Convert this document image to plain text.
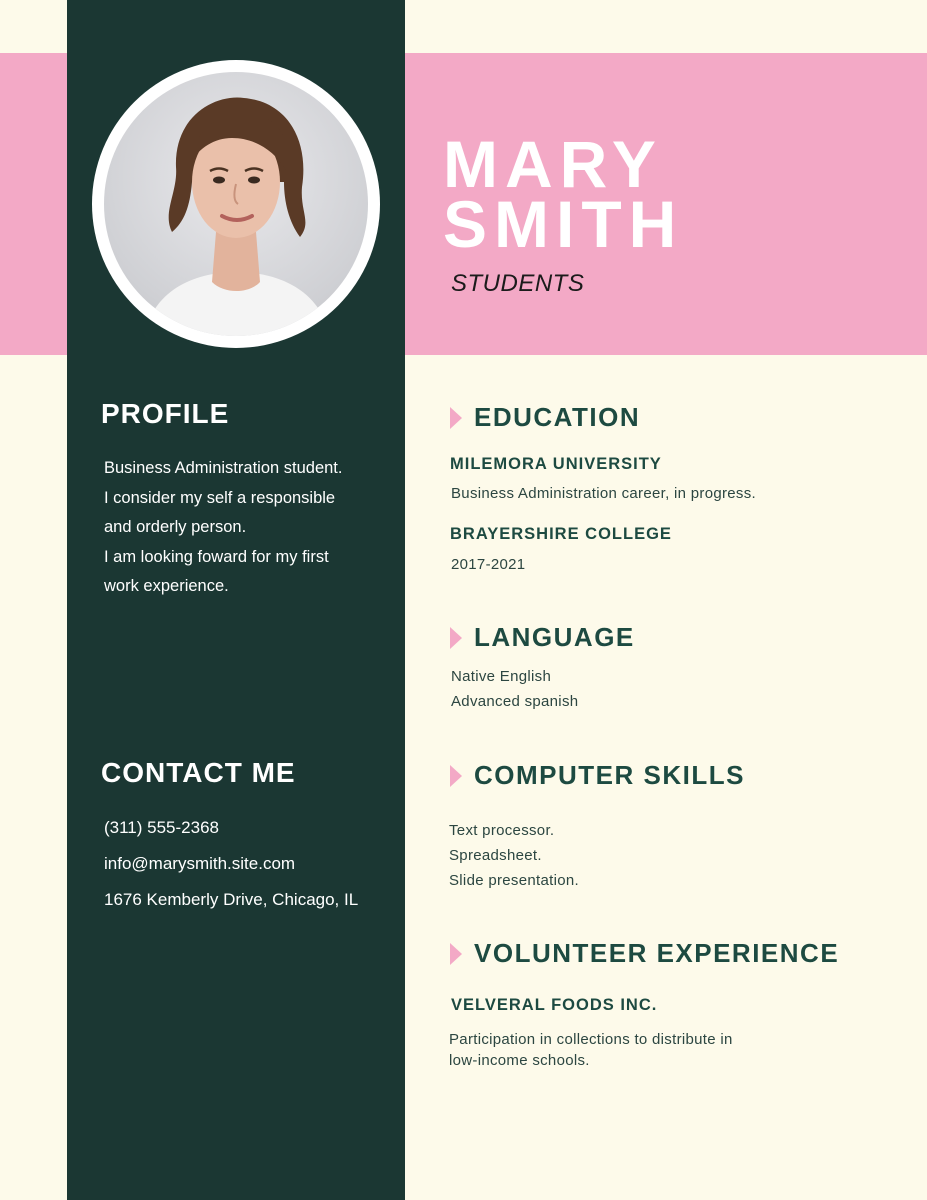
MARY
SMITH

STUDENTS

PROFILE
Business Administration student.
I consider my self a responsible
and orderly person.
I am looking foward for my first
work experience.
CONTACT ME
(311) 555-2368
info@marysmith.site.com
1676 Kemberly Drive, Chicago, IL
EDUCATION
MILEMORA UNIVERSITY
Business Administration career, in progress.
BRAYERSHIRE COLLEGE
2017-2021
LANGUAGE
Native English
Advanced spanish
COMPUTER SKILLS
Text processor.
Spreadsheet.
Slide presentation.
VOLUNTEER EXPERIENCE
VELVERAL FOODS INC.
Participation in collections to distribute in
low-income schools.
